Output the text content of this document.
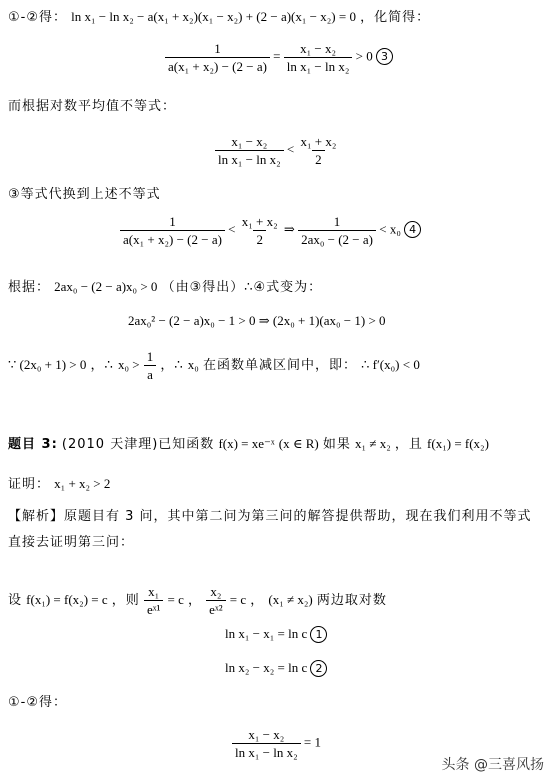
①-②得： ln x₁ − ln x₂ − a(x₁ + x₂)(x₁ − x₂) + (2 − a)(x₁ − x₂) = 0 ，化简得：
$\frac{1}{\text{a(x₁ + x₂) − (2 − a)}} = \frac{\text{x₁ − x₂}}{\text{ln x₁ − ln x₂}} > 0$ 3
而根据对数平均值不等式：
$\frac{\text{x₁ − x₂}}{\text{ln x₁ − ln x₂}} < \frac{\text{x₁ + x₂}}{2}$
③等式代换到上述不等式
$\frac{1}{\text{a(x₁ + x₂) − (2 − a)}} < \frac{\text{x₁ + x₂}}{2}$ ⇒ $\frac{1}{\text{2ax₀ − (2 − a)}} < x_0$ 4
根据： 2ax₀ − (2 − a)x₀ > 0 （由③得出）∴④式变为：
2ax₀² − (2 − a)x₀ − 1 > 0 ⇒ (2x₀ + 1)(ax₀ − 1) > 0
∵ (2x₀ + 1) > 0 ，∴ $x_0 > \frac{1}{a}$ ，∴ x₀ 在函数单减区间中，即： ∴ f′(x₀) < 0
题目 3: (2010 天津理)已知函数 f(x) = xe⁻ˣ (x ∈ R) 如果 x₁ ≠ x₂ ，且 f(x₁) = f(x₂)
证明： x₁ + x₂ > 2
【解析】原题目有 3 问，其中第二问为第三问的解答提供帮助，现在我们利用不等式
直接去证明第三问：
设 f(x₁) = f(x₂) = c ，则 $\frac{\text{x₁}}{\text{eˣ¹}} = c$ ， $\frac{\text{x₂}}{\text{eˣ²}} = c$ ， (x₁ ≠ x₂) 两边取对数
ln x₁ − x₁ = ln c 1
ln x₂ − x₂ = ln c 2
①-②得：
$\frac{\text{x₁ − x₂}}{\text{ln x₁ − ln x₂}} = 1$
头条 @三喜风扬
